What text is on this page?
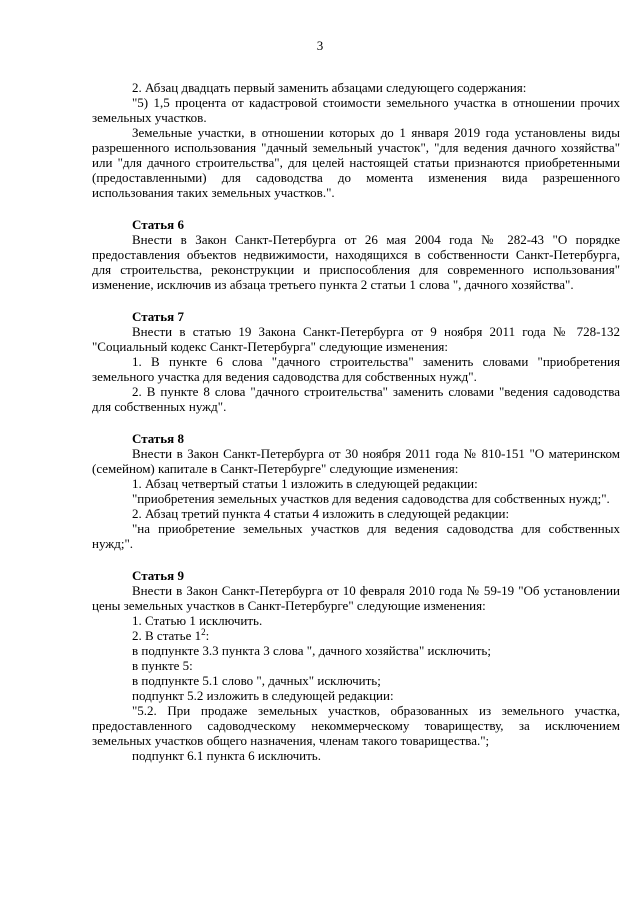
3

2. Абзац двадцать первый заменить абзацами следующего содержания:

"5) 1,5 процента от кадастровой стоимости земельного участка в отношении прочих земельных участков.

Земельные участки, в отношении которых до 1 января 2019 года установлены виды разрешенного использования "дачный земельный участок", "для ведения дачного хозяйства" или "для дачного строительства", для целей настоящей статьи признаются приобретенными (предоставленными) для садоводства до момента изменения вида разрешенного использования таких земельных участков.".

Статья 6

Внести в Закон Санкт-Петербурга от 26 мая 2004 года № 282-43 "О порядке предоставления объектов недвижимости, находящихся в собственности Санкт-Петербурга, для строительства, реконструкции и приспособления для современного использования" изменение, исключив из абзаца третьего пункта 2 статьи 1 слова ", дачного хозяйства".

Статья 7

Внести в статью 19 Закона Санкт-Петербурга от 9 ноября 2011 года № 728-132 "Социальный кодекс Санкт-Петербурга" следующие изменения:

1. В пункте 6 слова "дачного строительства" заменить словами "приобретения земельного участка для ведения садоводства для собственных нужд".

2. В пункте 8 слова "дачного строительства" заменить словами "ведения садоводства для собственных нужд".

Статья 8

Внести в Закон Санкт-Петербурга от 30 ноября 2011 года № 810-151 "О материнском (семейном) капитале в Санкт-Петербурге" следующие изменения:

1. Абзац четвертый статьи 1 изложить в следующей редакции:

"приобретения земельных участков для ведения садоводства для собственных нужд;".

2. Абзац третий пункта 4 статьи 4 изложить в следующей редакции:

"на приобретение земельных участков для ведения садоводства для собственных нужд;".

Статья 9

Внести в Закон Санкт-Петербурга от 10 февраля 2010 года № 59-19 "Об установлении цены земельных участков в Санкт-Петербурге" следующие изменения:

1. Статью 1 исключить.

2. В статье $1^2$:

в подпункте 3.3 пункта 3 слова ", дачного хозяйства" исключить;

в пункте 5:

в подпункте 5.1 слово ", дачных" исключить;

подпункт 5.2 изложить в следующей редакции:

"5.2. При продаже земельных участков, образованных из земельного участка, предоставленного садоводческому некоммерческому товариществу, за исключением земельных участков общего назначения, членам такого товарищества.";

подпункт 6.1 пункта 6 исключить.
